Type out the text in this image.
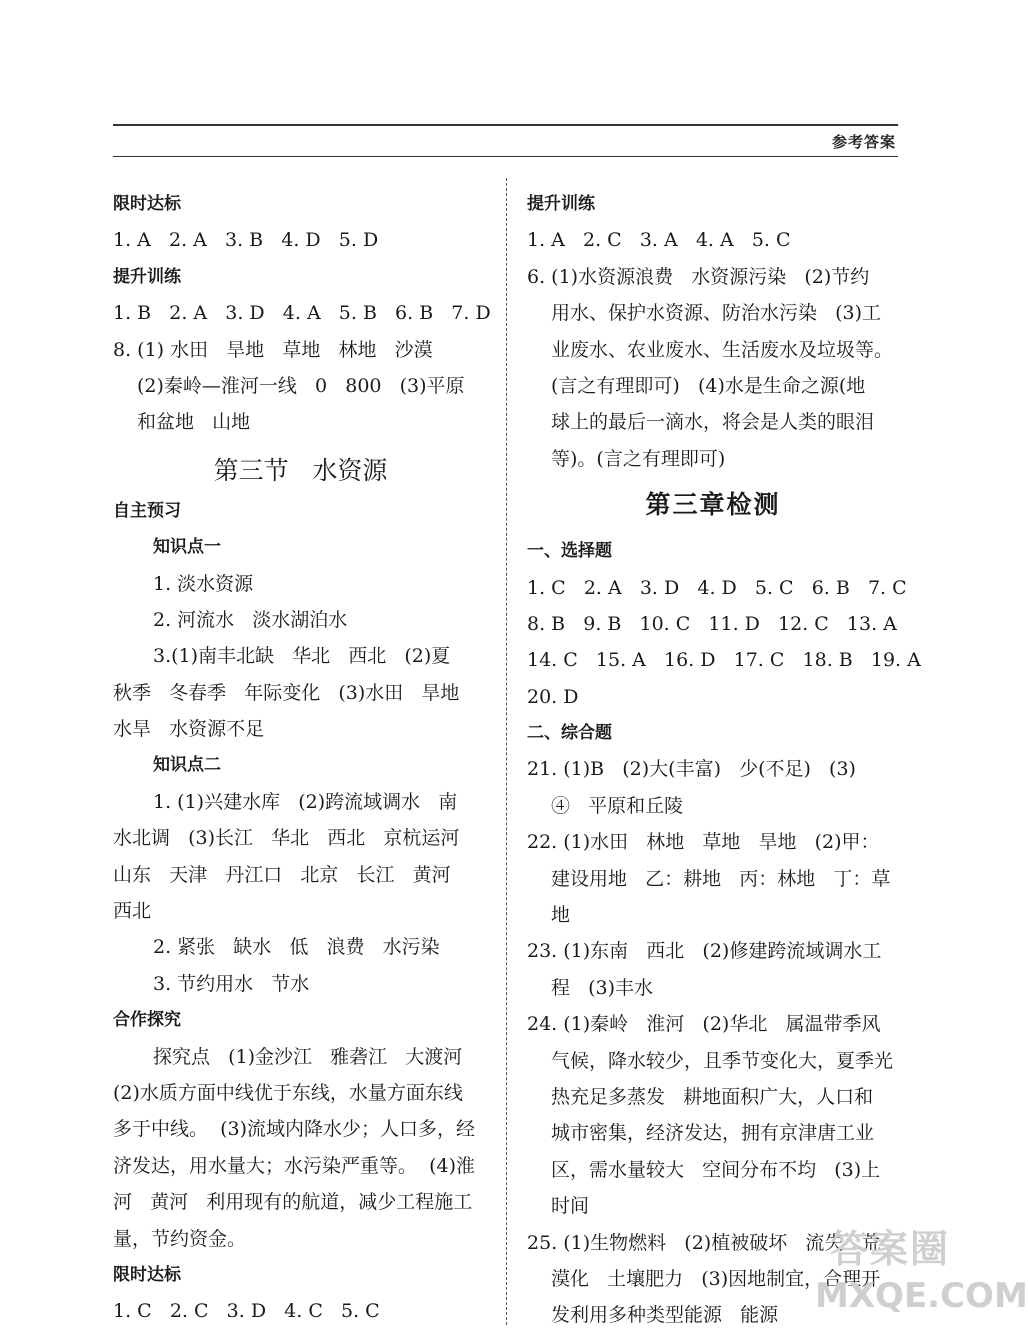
参考答案
限时达标
1. A   2. A   3. B   4. D   5. D
提升训练
1. B   2. A   3. D   4. A   5. B   6. B   7. D
8. (1) 水田   旱地   草地   林地   沙漠
(2)秦岭—淮河一线   0   800   (3)平原
和盆地   山地
第三节   水资源
自主预习
知识点一
1. 淡水资源
2. 河流水   淡水湖泊水
3.(1)南丰北缺   华北   西北   (2)夏
秋季   冬春季   年际变化   (3)水田   旱地
水旱   水资源不足
知识点二
1. (1)兴建水库   (2)跨流域调水   南
水北调   (3)长江   华北   西北   京杭运河
山东   天津   丹江口   北京   长江   黄河
西北
2. 紧张   缺水   低   浪费   水污染
3. 节约用水   节水
合作探究
探究点   (1)金沙江   雅砻江   大渡河
(2)水质方面中线优于东线，水量方面东线
多于中线。  (3)流域内降水少；人口多，经
济发达，用水量大；水污染严重等。  (4)淮
河   黄河   利用现有的航道，减少工程施工
量，节约资金。
限时达标
1. C   2. C   3. D   4. C   5. C
提升训练
1. A   2. C   3. A   4. A   5. C
6. (1)水资源浪费   水资源污染   (2)节约
用水、保护水资源、防治水污染   (3)工
业废水、农业废水、生活废水及垃圾等。
(言之有理即可)   (4)水是生命之源(地
球上的最后一滴水，将会是人类的眼泪
等)。(言之有理即可)
第三章检测
一、选择题
1. C   2. A   3. D   4. D   5. C   6. B   7. C
8. B   9. B   10. C   11. D   12. C   13. A
14. C   15. A   16. D   17. C   18. B   19. A
20. D
二、综合题
21. (1)B   (2)大(丰富)   少(不足)   (3)
④   平原和丘陵
22. (1)水田   林地   草地   旱地   (2)甲：
建设用地   乙：耕地   丙：林地   丁：草
地
23. (1)东南   西北   (2)修建跨流域调水工
程   (3)丰水
24. (1)秦岭   淮河   (2)华北   属温带季风
气候，降水较少，且季节变化大，夏季光
热充足多蒸发   耕地面积广大，人口和
城市密集，经济发达，拥有京津唐工业
区，需水量较大   空间分布不均   (3)上
时间
25. (1)生物燃料   (2)植被破坏   流失   荒
漠化   土壤肥力   (3)因地制宜，合理开
发利用多种类型能源   能源
答案圈
MXQE.COM
